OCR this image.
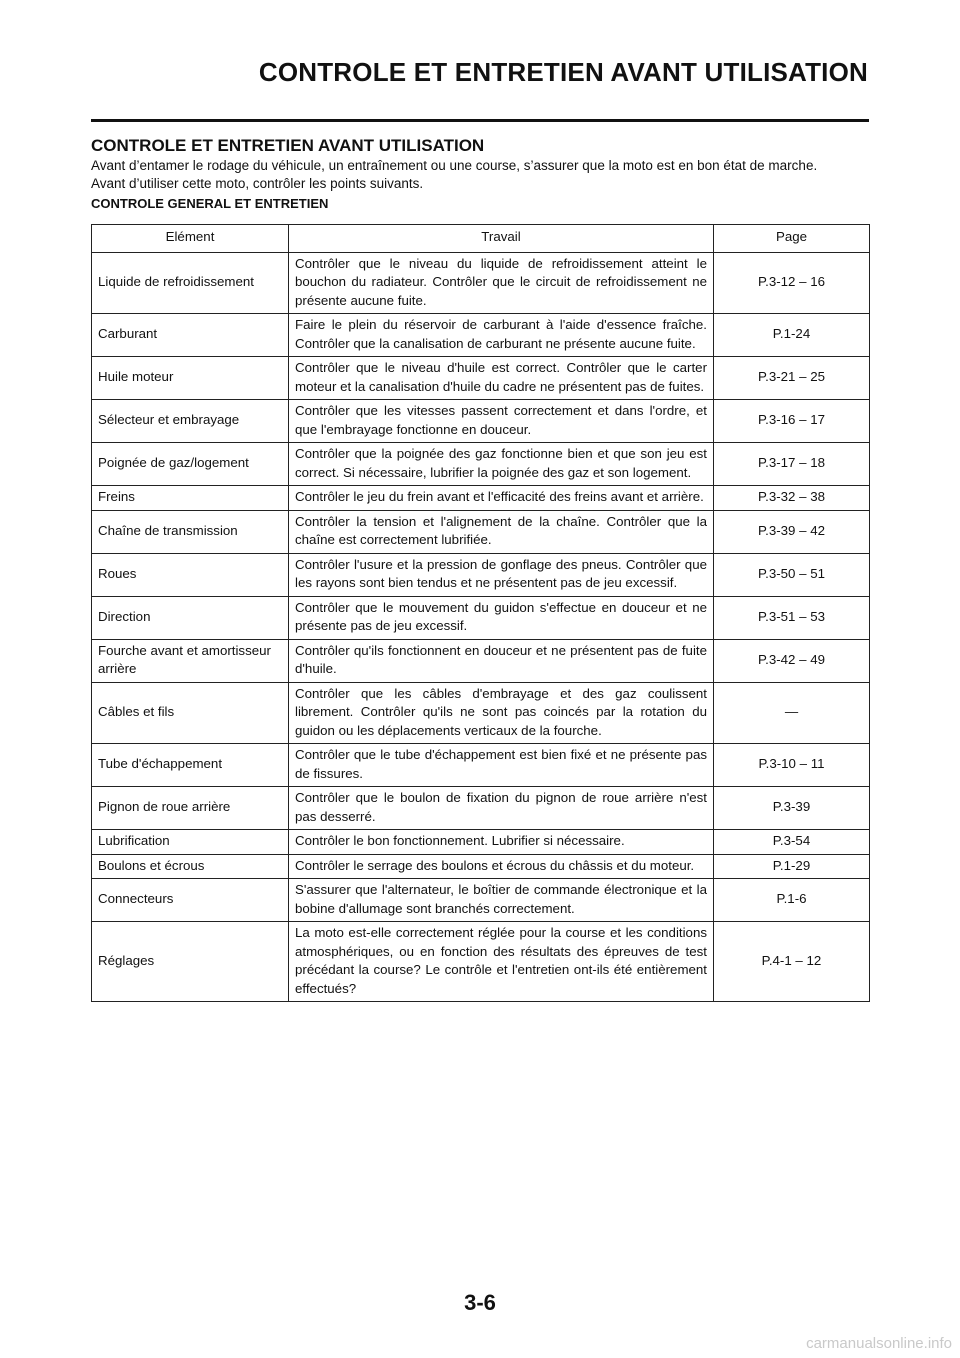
CONTROLE ET ENTRETIEN AVANT UTILISATION
CONTROLE ET ENTRETIEN AVANT UTILISATION

Avant d’entamer le rodage du véhicule, un entraînement ou une course, s’assurer que la moto est en bon état de marche.

Avant d’utiliser cette moto, contrôler les points suivants.

CONTROLE GENERAL ET ENTRETIEN
Elément	Travail	Page
Liquide de refroidissement	Contrôler que le niveau du liquide de refroidissement atteint le bouchon du radiateur. Contrôler que le circuit de refroidissement ne présente aucune fuite.	P.3-12 – 16
Carburant	Faire le plein du réservoir de carburant à l'aide d'essence fraîche. Contrôler que la canalisation de carburant ne présente aucune fuite.	P.1-24
Huile moteur	Contrôler que le niveau d'huile est correct. Contrôler que le carter moteur et la canalisation d'huile du cadre ne présentent pas de fuites.	P.3-21 – 25
Sélecteur et embrayage	Contrôler que les vitesses passent correctement et dans l'ordre, et que l'embrayage fonctionne en douceur.	P.3-16 – 17
Poignée de gaz/logement	Contrôler que la poignée des gaz fonctionne bien et que son jeu est correct. Si nécessaire, lubrifier la poignée des gaz et son logement.	P.3-17 – 18
Freins	Contrôler le jeu du frein avant et l'efficacité des freins avant et arrière.	P.3-32 – 38
Chaîne de transmission	Contrôler la tension et l'alignement de la chaîne. Contrôler que la chaîne est correctement lubrifiée.	P.3-39 – 42
Roues	Contrôler l'usure et la pression de gonflage des pneus. Contrôler que les rayons sont bien tendus et ne présentent pas de jeu excessif.	P.3-50 – 51
Direction	Contrôler que le mouvement du guidon s'effectue en douceur et ne présente pas de jeu excessif.	P.3-51 – 53
Fourche avant et amortisseur arrière	Contrôler qu'ils fonctionnent en douceur et ne présentent pas de fuite d'huile.	P.3-42 – 49
Câbles et fils	Contrôler que les câbles d'embrayage et des gaz coulissent librement. Contrôler qu'ils ne sont pas coincés par la rotation du guidon ou les déplacements verticaux de la fourche.	—
Tube d'échappement	Contrôler que le tube d'échappement est bien fixé et ne présente pas de fissures.	P.3-10 – 11
Pignon de roue arrière	Contrôler que le boulon de fixation du pignon de roue arrière n'est pas desserré.	P.3-39
Lubrification	Contrôler le bon fonctionnement. Lubrifier si nécessaire.	P.3-54
Boulons et écrous	Contrôler le serrage des boulons et écrous du châssis et du moteur.	P.1-29
Connecteurs	S'assurer que l'alternateur, le boîtier de commande électronique et la bobine d'allumage sont branchés correctement.	P.1-6
Réglages	La moto est-elle correctement réglée pour la course et les conditions atmosphériques, ou en fonction des résultats des épreuves de test précédant la course? Le contrôle et l'entretien ont-ils été entièrement effectués?	P.4-1 – 12
3-6
carmanualsonline.info
